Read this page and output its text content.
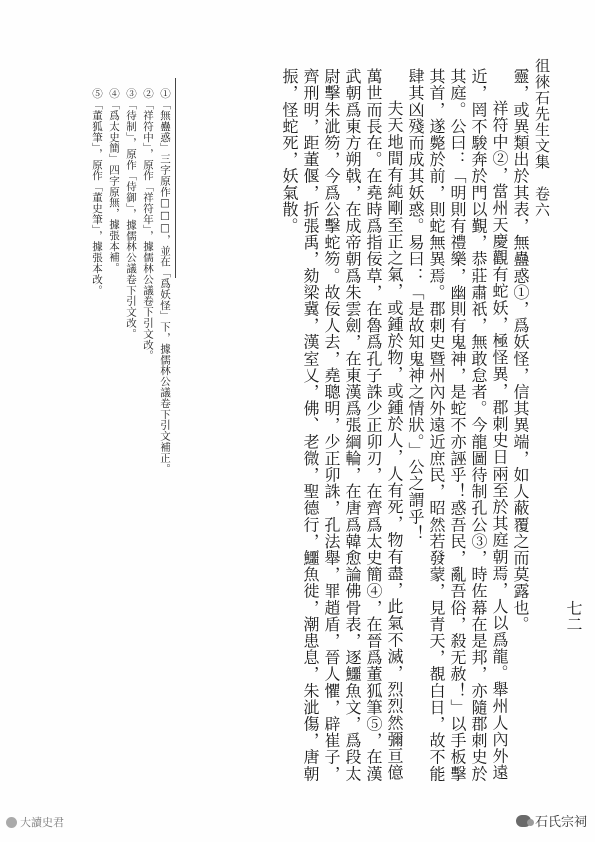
徂徠石先生文集　卷六
七二

靈，或異類出於其表，無蠱惑①，爲妖怪，信其異端，如人蔽覆之而莫露也。

祥符中②，當州天慶觀有蛇妖，極怪異，郡刺史日兩至於其庭朝焉，人以爲龍。舉州人內外遠近，罔不駿奔於門以覲，恭莊肅祇，無敢怠者。今龍圖待制孔公③，時佐幕在是邦，亦隨郡刺史於其庭。公曰：「明則有禮樂，幽則有鬼神，是蛇不亦誣乎！惑吾民，亂吾俗，殺无赦！」以手板擊其首，遂斃於前，則蛇無異焉。郡刺史暨州內外遠近庶民，昭然若發蒙，見青天，覩白日，故不能肆其凶殘而成其妖惑。易曰：「是故知鬼神之情狀。」公之謂乎！

夫天地間有純剛至正之氣，或鍾於物，或鍾於人，人有死，物有盡，此氣不滅，烈烈然彌亘億萬世而長在。在堯時爲指佞草，在魯爲孔子誅少正卯刃，在齊爲太史簡④，在晉爲董狐筆⑤，在漢武朝爲東方朔戟，在成帝朝爲朱雲劍，在東漢爲張綱輪，在唐爲韓愈論佛骨表，逐鱷魚文，爲段太尉擊朱泚笏，今爲公擊蛇笏。故佞人去，堯聰明，少正卯誅，孔法舉，罪趙盾，晉人懼，辟崔子，齊刑明，距董偃，折張禹，劾梁冀，漢室乂，佛、老微，聖德行，鱷魚徙，潮患息，朱泚傷，唐朝振，怪蛇死，妖氣散。

①「無蠱惑」三字原作□□□，並在「爲妖怪」下，據儒林公議卷下引文補正。

②「祥符中」，原作「祥符年」，據儒林公議卷下引文改。

③「待制」，原作「侍御」，據儒林公議卷下引文改。

④「爲太史簡」四字原無，據張本補。

⑤「董狐筆」，原作「董史筆」，據張本改。

大讀史君	石氏宗祠
